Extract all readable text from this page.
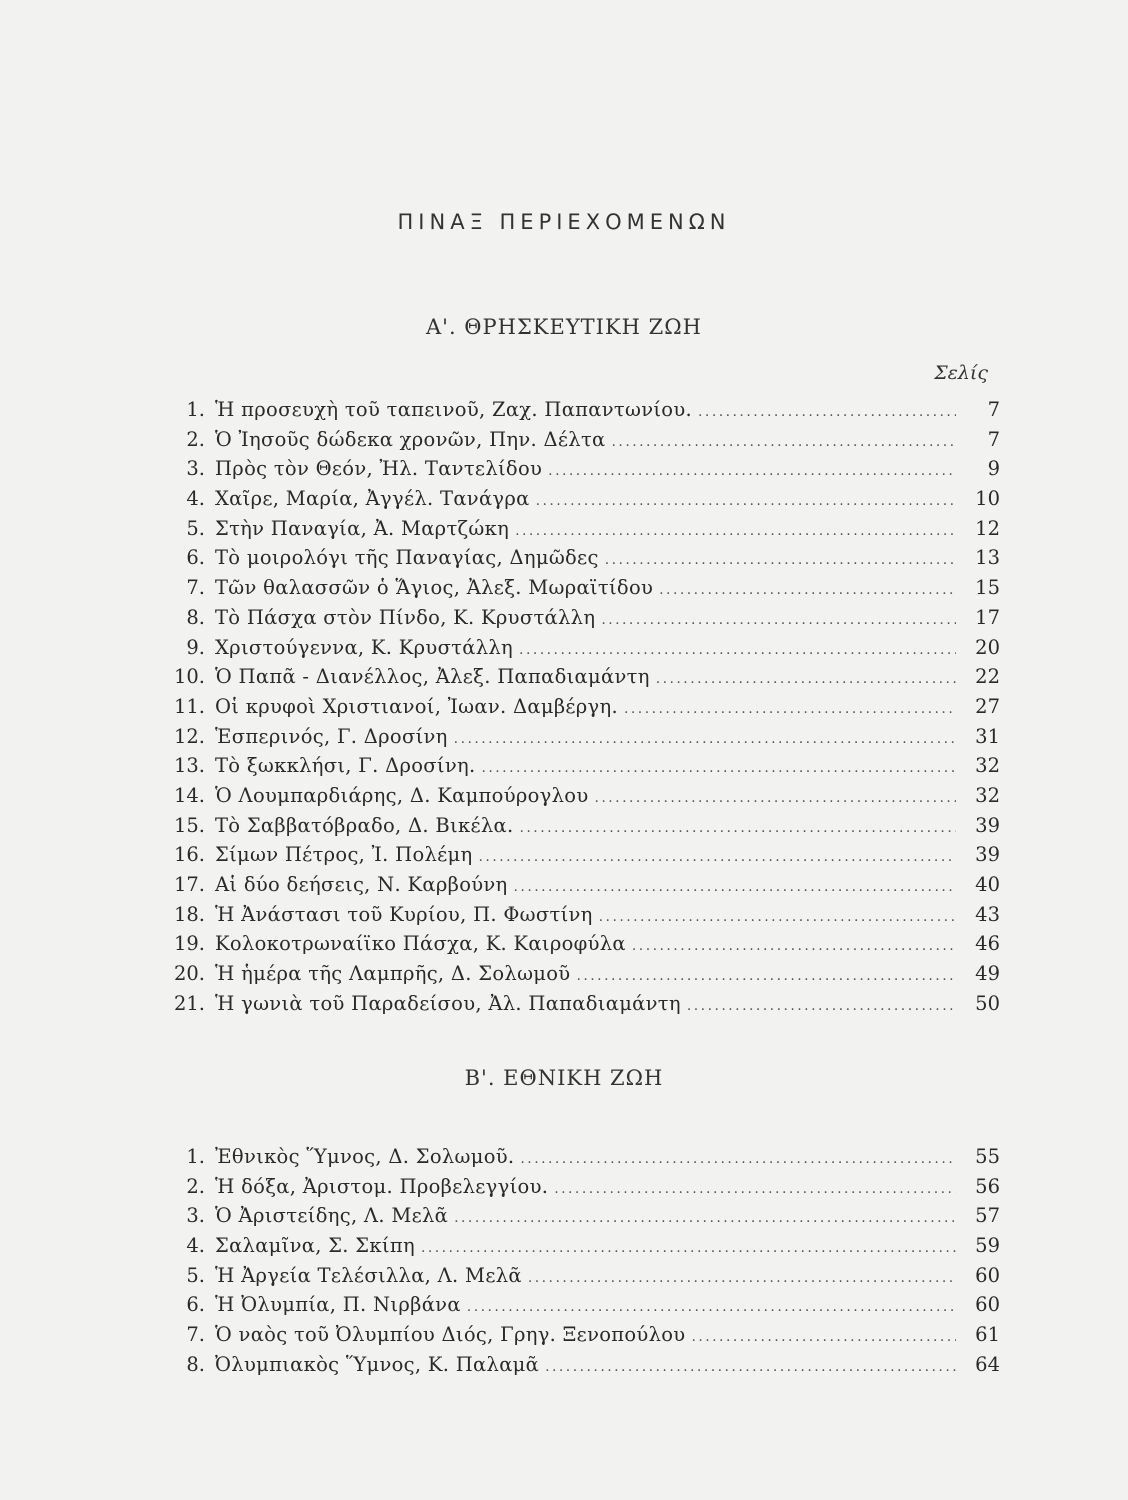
ΠΙΝΑΞ ΠΕΡΙΕΧΟΜΕΝΩΝ
Α'. ΘΡΗΣΚΕΥΤΙΚΗ ΖΩΗ
Σελίς
1. Ἡ προσευχὴ τοῦ ταπεινοῦ, Ζαχ. Παπαντωνίου. . . .	7
2. Ὁ Ἰησοῦς δώδεκα χρονῶν, Πην. Δέλτα . . .	7
3. Πρὸς τὸν Θεόν, Ἠλ. Ταντελίδου . . .	9
4. Χαῖρε, Μαρία, Ἀγγέλ. Τανάγρα . . .	10
5. Στὴν Παναγία, Ἀ. Μαρτζώκη . . .	12
6. Τὸ μοιρολόγι τῆς Παναγίας, Δημῶδες . . .	13
7. Τῶν θαλασσῶν ὁ Ἅγιος, Ἀλεξ. Μωραϊτίδου . . .	15
8. Τὸ Πάσχα στὸν Πίνδο, Κ. Κρυστάλλη . . .	17
9. Χριστούγεννα, Κ. Κρυστάλλη . . .	20
10. Ὁ Παπᾶ - Διανέλλος, Ἀλεξ. Παπαδιαμάντη . . .	22
11. Οἱ κρυφοὶ Χριστιανοί, Ἰωαν. Δαμβέργη. . . .	27
12. Ἑσπερινός, Γ. Δροσίνη . . .	31
13. Τὸ ξωκκλήσι, Γ. Δροσίνη. . . .	32
14. Ὁ Λουμπαρδιάρης, Δ. Καμπούρογλου . . .	32
15. Τὸ Σαββατόβραδο, Δ. Βικέλα. . . .	39
16. Σίμων Πέτρος, Ἰ. Πολέμη . . .	39
17. Αἱ δύο δεήσεις, Ν. Καρβούνη . . .	40
18. Ἡ Ἀνάστασι τοῦ Κυρίου, Π. Φωστίνη . . .	43
19. Κολοκοτρωναίϊκο Πάσχα, Κ. Καιροφύλα . . .	46
20. Ἡ ἡμέρα τῆς Λαμπρῆς, Δ. Σολωμοῦ . . .	49
21. Ἡ γωνιὰ τοῦ Παραδείσου, Ἀλ. Παπαδιαμάντη . . .	50
Β'. ΕΘΝΙΚΗ ΖΩΗ
1. Ἐθνικὸς Ὕμνος, Δ. Σολωμοῦ. . . .	55
2. Ἡ δόξα, Ἀριστομ. Προβελεγγίου. . . .	56
3. Ὁ Ἀριστείδης, Λ. Μελᾶ . . .	57
4. Σαλαμῖνα, Σ. Σκίπη . . .	59
5. Ἡ Ἀργεία Τελέσιλλα, Λ. Μελᾶ . . .	60
6. Ἡ Ὀλυμπία, Π. Νιρβάνα . . .	60
7. Ὁ ναὸς τοῦ Ὀλυμπίου Διός, Γρηγ. Ξενοπούλου . . .	61
8. Ὀλυμπιακὸς Ὕμνος, Κ. Παλαμᾶ . . .	64
